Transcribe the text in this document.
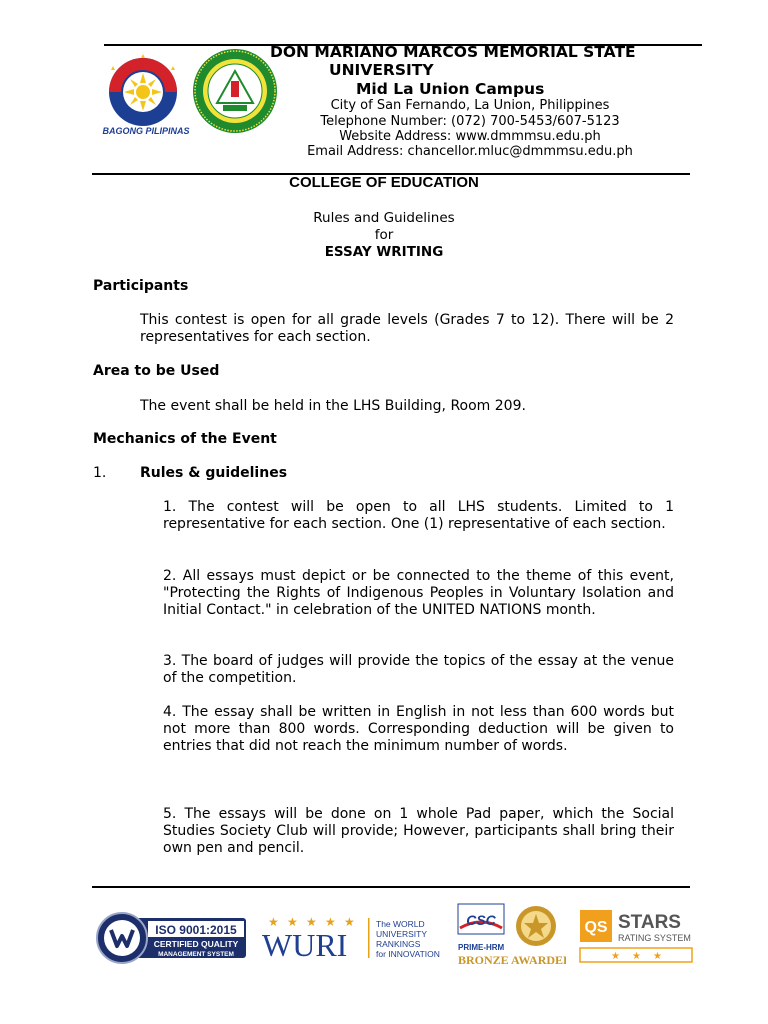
BAGONG PILIPINAS
DON MARIANO MARCOS MEMORIAL STATE
UNIVERSITY
Mid La Union Campus
City of San Fernando, La Union, Philippines
Telephone Number: (072) 700-5453/607-5123
Website Address: www.dmmmsu.edu.ph
Email Address: chancellor.mluc@dmmmsu.edu.ph
COLLEGE OF EDUCATION
Rules and Guidelines
for
ESSAY WRITING
Participants
This contest is open for all grade levels (Grades 7 to 12). There will be 2 representatives for each section.
Area to be Used
The event shall be held in the LHS Building, Room 209.
Mechanics of the Event
1. Rules & guidelines
1. The contest will be open to all LHS students. Limited to 1 representative for each section. One (1) representative of each section.
2. All essays must depict or be connected to the theme of this event, "Protecting the Rights of Indigenous Peoples in Voluntary Isolation and Initial Contact." in celebration of the UNITED NATIONS month.
3. The board of judges will provide the topics of the essay at the venue of the competition.
4. The essay shall be written in English in not less than 600 words but not more than 800 words. Corresponding deduction will be given to entries that did not reach the minimum number of words.
5. The essays will be done on 1 whole Pad paper, which the Social Studies Society Club will provide; However, participants shall bring their own pen and pencil.
ISO 9001:2015
CERTIFIED QUALITY
MANAGEMENT SYSTEM
★ ★ ★ ★ ★
WURI
The WORLD
UNIVERSITY
RANKINGS
for INNOVATION
CSC
PRIME-HRM
BRONZE AWARDEE
QS STARS
RATING SYSTEM
★ ★ ★
